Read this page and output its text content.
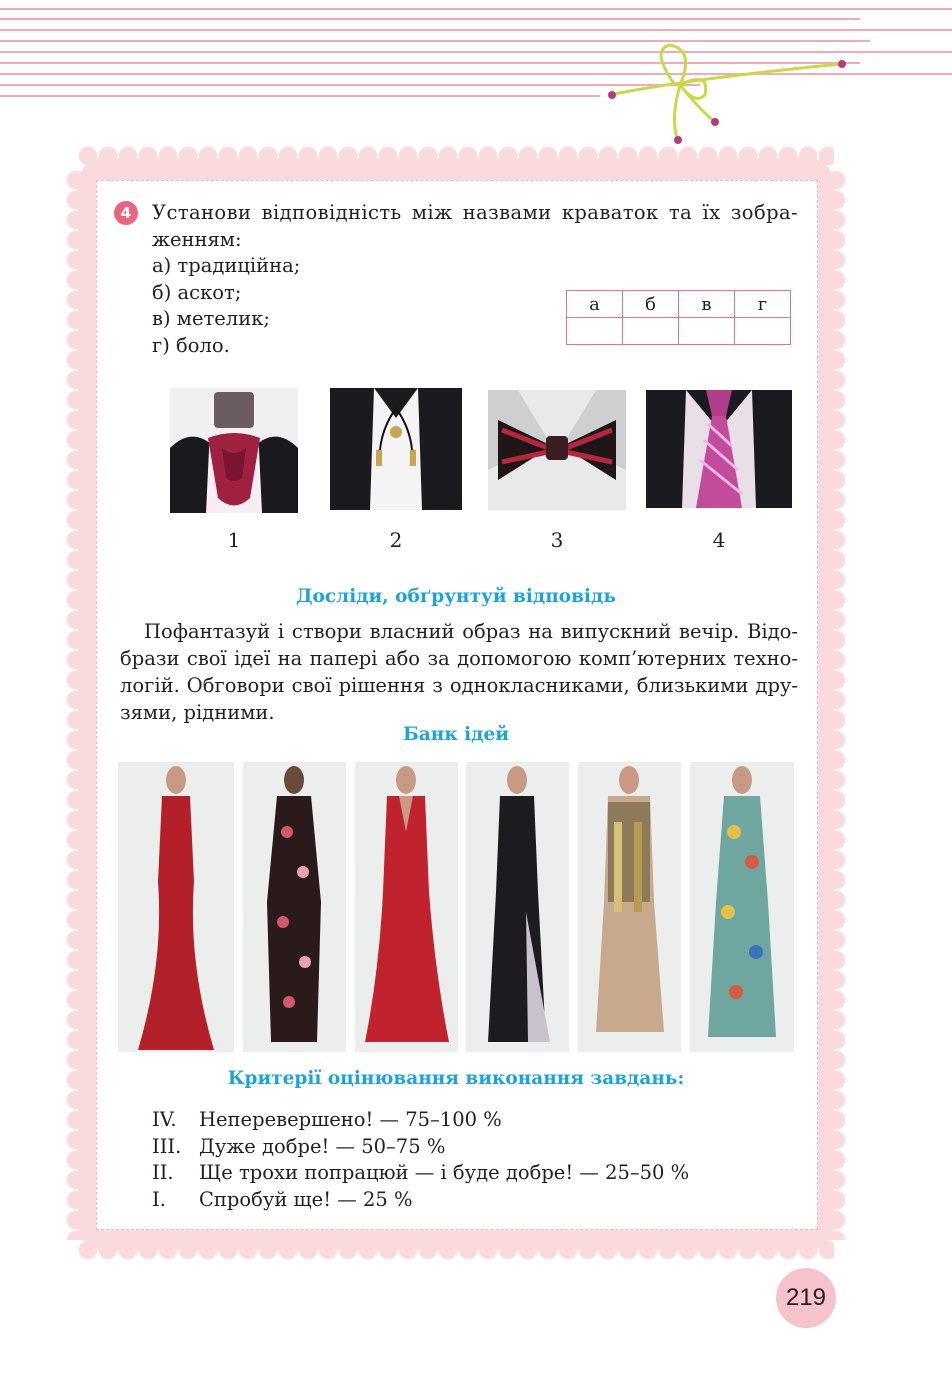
4	Установи відповідність між назвами краваток та їх зобра-
женням:
а) традиційна;
б) аскот;
в) метелик;
г) боло.
а	б	в	г

1	2	3	4
Досліди, обґрунтуй відповідь
Пофантазуй і створи власний образ на випускний вечір. Відо-
брази свої ідеї на папері або за допомогою комп’ютерних техно-
логій. Обговори свої рішення з однокласниками, близькими дру-
зями, рідними.
Банк ідей
Критерії оцінювання виконання завдань:
IV.	Неперевершено! — 75–100 %
III. Дуже добре! — 50–75 %
II.	Ще трохи попрацюй — і буде добре! — 25–50 %
I.	Спробуй ще! — 25 %
219
